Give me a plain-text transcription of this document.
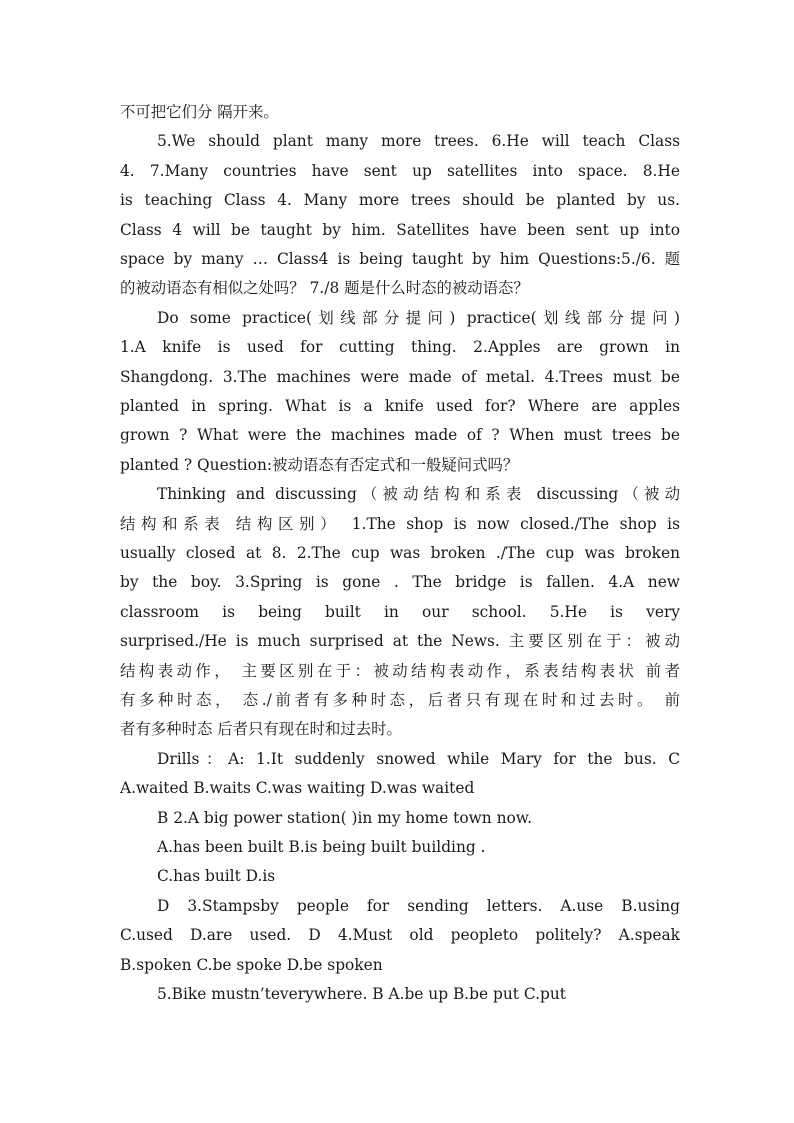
不可把它们分 隔开来。
5.We should plant many more trees. 6.He will teach Class
4. 7.Many countries have sent up satellites into space. 8.He
is teaching Class 4. Many more trees should be planted by us.
Class 4 will be taught by him. Satellites have been sent up into
space by many … Class4 is being taught by him Questions:5./6. 题
的被动语态有相似之处吗？ 7./8 题是什么时态的被动语态？
Do some practice(划线部分提问) practice(划线部分提问)
1.A knife is used for cutting thing. 2.Apples are grown in
Shangdong. 3.The machines were made of metal. 4.Trees must be
planted in spring. What is a knife used for? Where are apples
grown ? What were the machines made of ? When must trees be
planted ? Question:被动语态有否定式和一般疑问式吗？
Thinking and discussing（被动结构和系表 discussing（被动
结构和系表 结构区别） 1.The shop is now closed./The shop is
usually closed at 8. 2.The cup was broken ./The cup was broken
by the boy. 3.Spring is gone . The bridge is fallen. 4.A new
classroom is being built in our school. 5.He is very
surprised./He is much surprised at the News. 主要区别在于：被动
结构表动作， 主要区别在于：被动结构表动作，系表结构表状 前者
有多种时态， 态./前者有多种时态，后者只有现在时和过去时。 前
者有多种时态 后者只有现在时和过去时。
Drills：A: 1.It suddenly snowed while Mary for the bus. C
A.waited B.waits C.was waiting D.was waited
B 2.A big power station( )in my home town now.
A.has been built B.is being built building .
C.has built D.is
D 3.Stampsby people for sending letters. A.use B.using
C.used D.are used. D 4.Must old peopleto politely? A.speak
B.spoken C.be spoke D.be spoken
5.Bike mustn’teverywhere. B A.be up B.be put C.put
